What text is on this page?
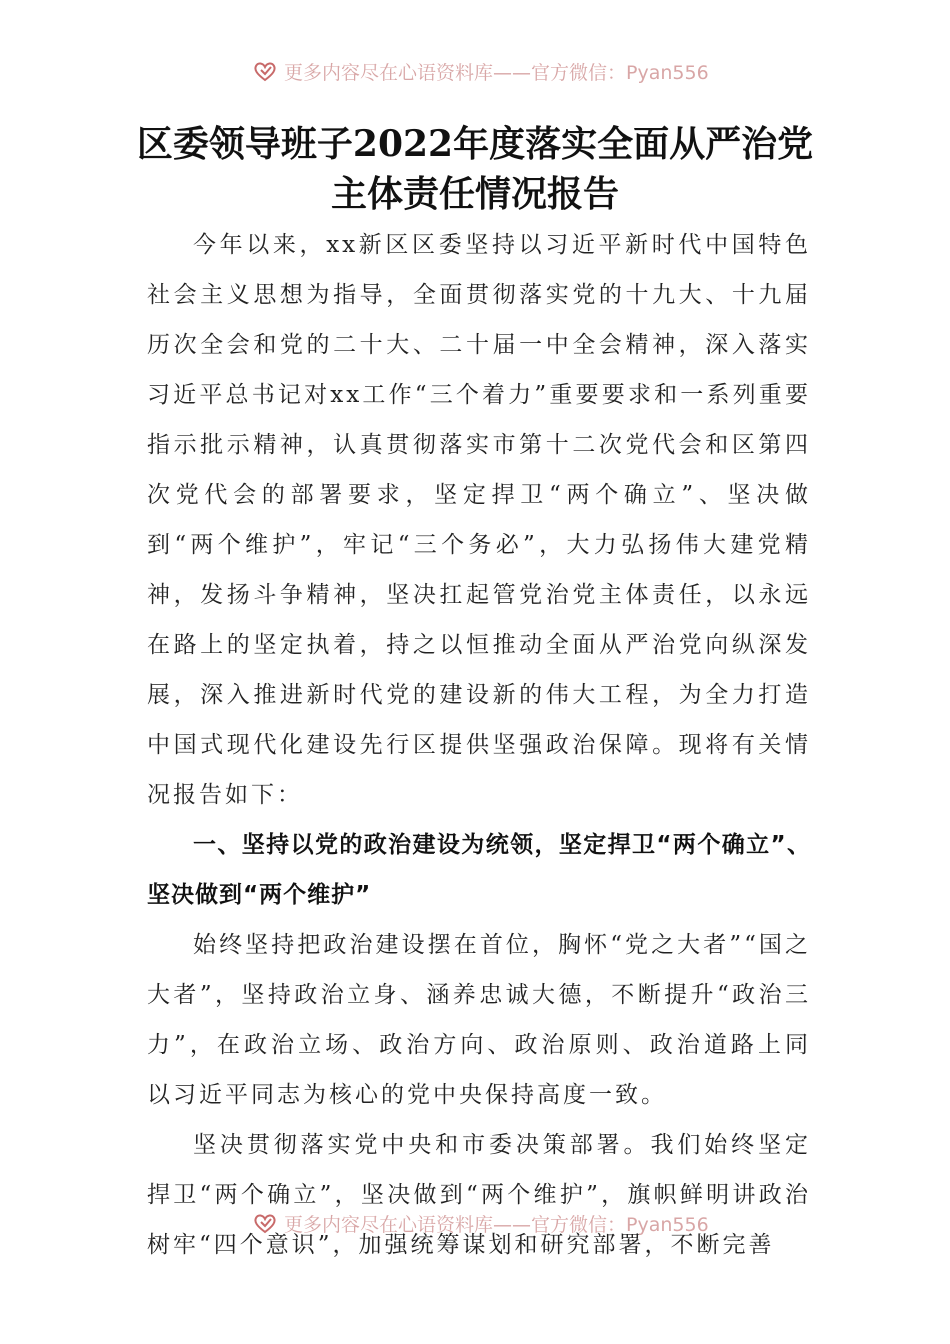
更多内容尽在心语资料库——官方微信：Pyan556
区委领导班子2022年度落实全面从严治党
主体责任情况报告

今年以来，xx新区区委坚持以习近平新时代中国特色社会主义思想为指导，全面贯彻落实党的十九大、十九届历次全会和党的二十大、二十届一中全会精神，深入落实习近平总书记对xx工作“三个着力”重要要求和一系列重要指示批示精神，认真贯彻落实市第十二次党代会和区第四次党代会的部署要求，坚定捍卫“两个确立”、坚决做到“两个维护”，牢记“三个务必”，大力弘扬伟大建党精神，发扬斗争精神，坚决扛起管党治党主体责任，以永远在路上的坚定执着，持之以恒推动全面从严治党向纵深发展，深入推进新时代党的建设新的伟大工程，为全力打造中国式现代化建设先行区提供坚强政治保障。现将有关情况报告如下：

一、坚持以党的政治建设为统领，坚定捍卫“两个确立”、坚决做到“两个维护”

始终坚持把政治建设摆在首位，胸怀“党之大者”“国之大者”，坚持政治立身、涵养忠诚大德，不断提升“政治三力”，在政治立场、政治方向、政治原则、政治道路上同以习近平同志为核心的党中央保持高度一致。

坚决贯彻落实党中央和市委决策部署。我们始终坚定捍卫“两个确立”，坚决做到“两个维护”，旗帜鲜明讲政治树牢“四个意识”，加强统筹谋划和研究部署，不断完善

更多内容尽在心语资料库——官方微信：Pyan556
